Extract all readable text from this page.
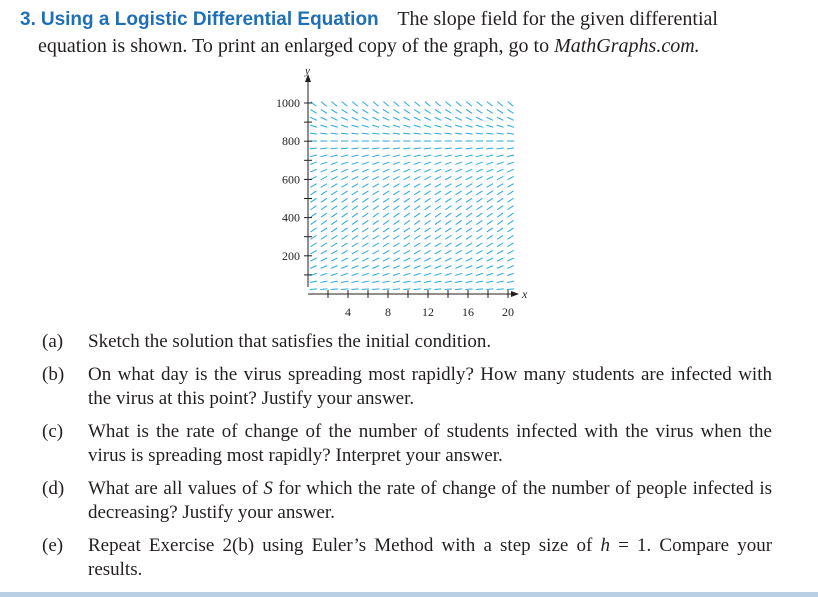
3. Using a Logistic Differential Equation The slope field for the given differential
equation is shown. To print an enlarged copy of the graph, go to MathGraphs.com.
y
x
4	8	12 16 20
200
400
600
800
1000
(a) Sketch the solution that satisfies the initial condition.
(b) On what day is the virus spreading most rapidly? How many students are infected with the virus at this point? Justify your answer.
(c) What is the rate of change of the number of students infected with the virus when the virus is spreading most rapidly? Interpret your answer.
(d) What are all values of S for which the rate of change of the number of people infected is decreasing? Justify your answer.
(e) Repeat Exercise 2(b) using Euler’s Method with a step size of h = 1. Compare your results.
